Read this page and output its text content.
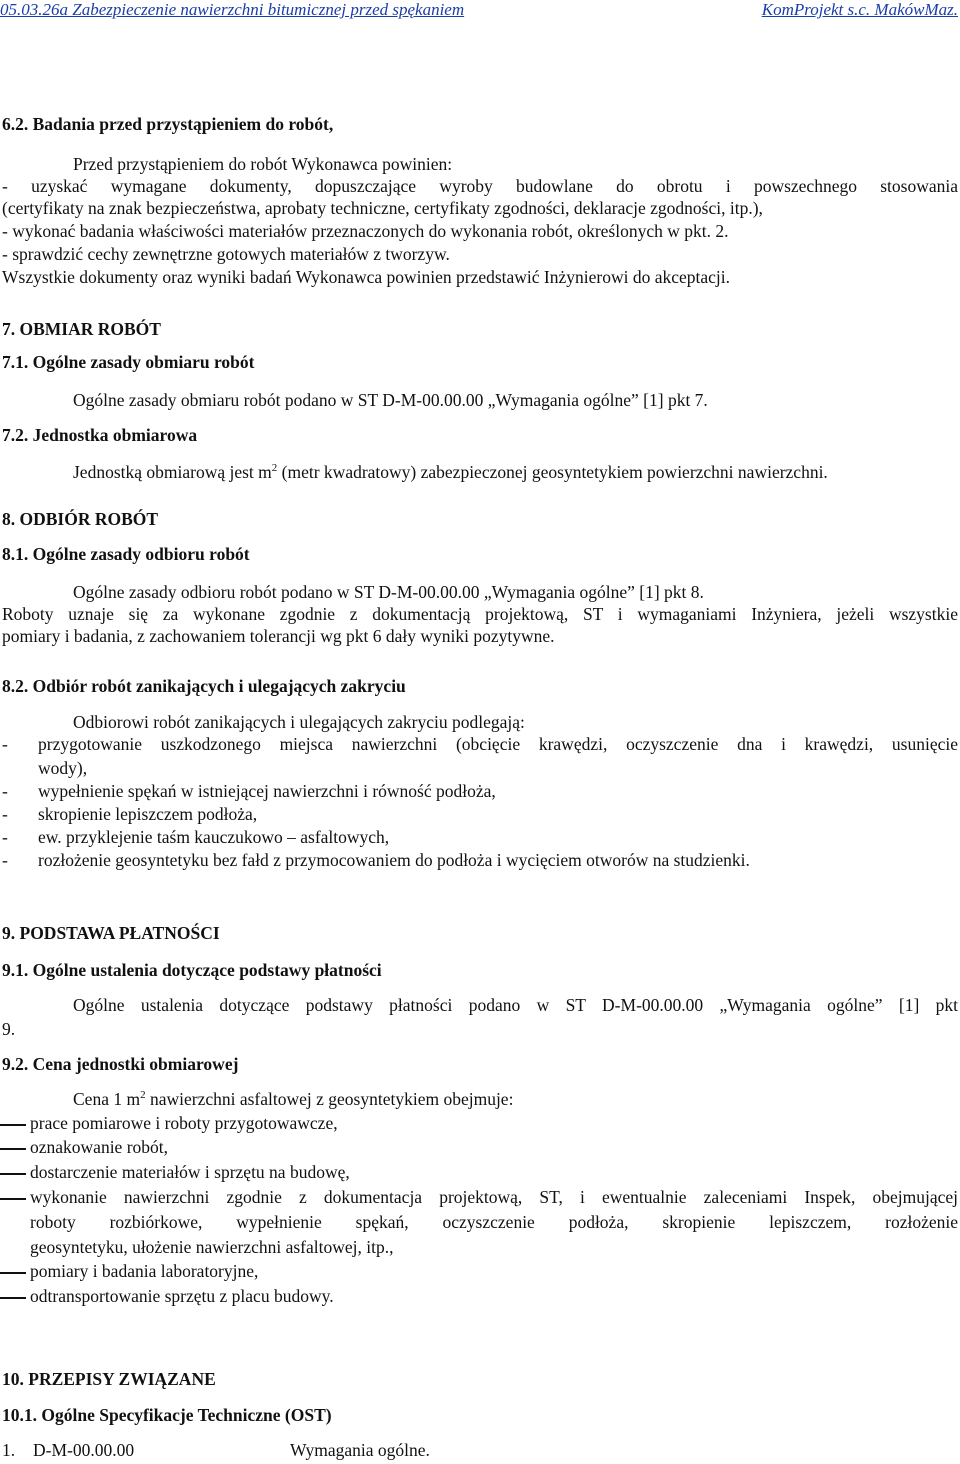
05.03.26a Zabezpieczenie nawierzchni bitumicznej przed spękaniem	KomProjekt s.c. MakówMaz.
6.2. Badania przed przystąpieniem do robót,
Przed przystąpieniem do robót Wykonawca powinien:
- uzyskać wymagane dokumenty, dopuszczające wyroby budowlane do obrotu i powszechnego stosowania
(certyfikaty na znak bezpieczeństwa, aprobaty techniczne, certyfikaty zgodności, deklaracje zgodności, itp.),
- wykonać badania właściwości materiałów przeznaczonych do wykonania robót, określonych w pkt. 2.
- sprawdzić cechy zewnętrzne gotowych materiałów z tworzyw.
Wszystkie dokumenty oraz wyniki badań Wykonawca powinien przedstawić Inżynierowi do akceptacji.
7. OBMIAR ROBÓT
7.1. Ogólne zasady obmiaru robót
Ogólne zasady obmiaru robót podano w ST D-M-00.00.00 „Wymagania ogólne” [1] pkt 7.
7.2. Jednostka obmiarowa
Jednostką obmiarową jest $m^2$ (metr kwadratowy) zabezpieczonej geosyntetykiem powierzchni nawierzchni.
8. ODBIÓR ROBÓT
8.1. Ogólne zasady odbioru robót
Ogólne zasady odbioru robót podano w ST D-M-00.00.00 „Wymagania ogólne” [1] pkt 8.
Roboty uznaje się za wykonane zgodnie z dokumentacją projektową, ST i wymaganiami Inżyniera, jeżeli wszystkie
pomiary i badania, z zachowaniem tolerancji wg pkt 6 dały wyniki pozytywne.
8.2. Odbiór robót zanikających i ulegających zakryciu
Odbiorowi robót zanikających i ulegających zakryciu podlegają:
- przygotowanie uszkodzonego miejsca nawierzchni (obcięcie krawędzi, oczyszczenie dna i krawędzi, usunięcie
wody),
- wypełnienie spękań w istniejącej nawierzchni i równość podłoża,
- skropienie lepiszczem podłoża,
- ew. przyklejenie taśm kauczukowo – asfaltowych,
- rozłożenie geosyntetyku bez fałd z przymocowaniem do podłoża i wycięciem otworów na studzienki.
9. PODSTAWA PŁATNOŚCI
9.1. Ogólne ustalenia dotyczące podstawy płatności
Ogólne ustalenia dotyczące podstawy płatności podano w ST D-M-00.00.00 „Wymagania ogólne” [1] pkt
9.
9.2. Cena jednostki obmiarowej
Cena 1 $m^2$ nawierzchni asfaltowej z geosyntetykiem obejmuje:
prace pomiarowe i roboty przygotowawcze,
oznakowanie robót,
dostarczenie materiałów i sprzętu na budowę,
wykonanie nawierzchni zgodnie z dokumentacja projektową, ST, i ewentualnie zaleceniami Inspek, obejmującej
roboty rozbiórkowe, wypełnienie spękań, oczyszczenie podłoża, skropienie lepiszczem, rozłożenie
geosyntetyku, ułożenie nawierzchni asfaltowej, itp.,
pomiary i badania laboratoryjne,
odtransportowanie sprzętu z placu budowy.
10. PRZEPISY ZWIĄZANE
10.1. Ogólne Specyfikacje Techniczne (OST)
1. D-M-00.00.00	Wymagania ogólne.
